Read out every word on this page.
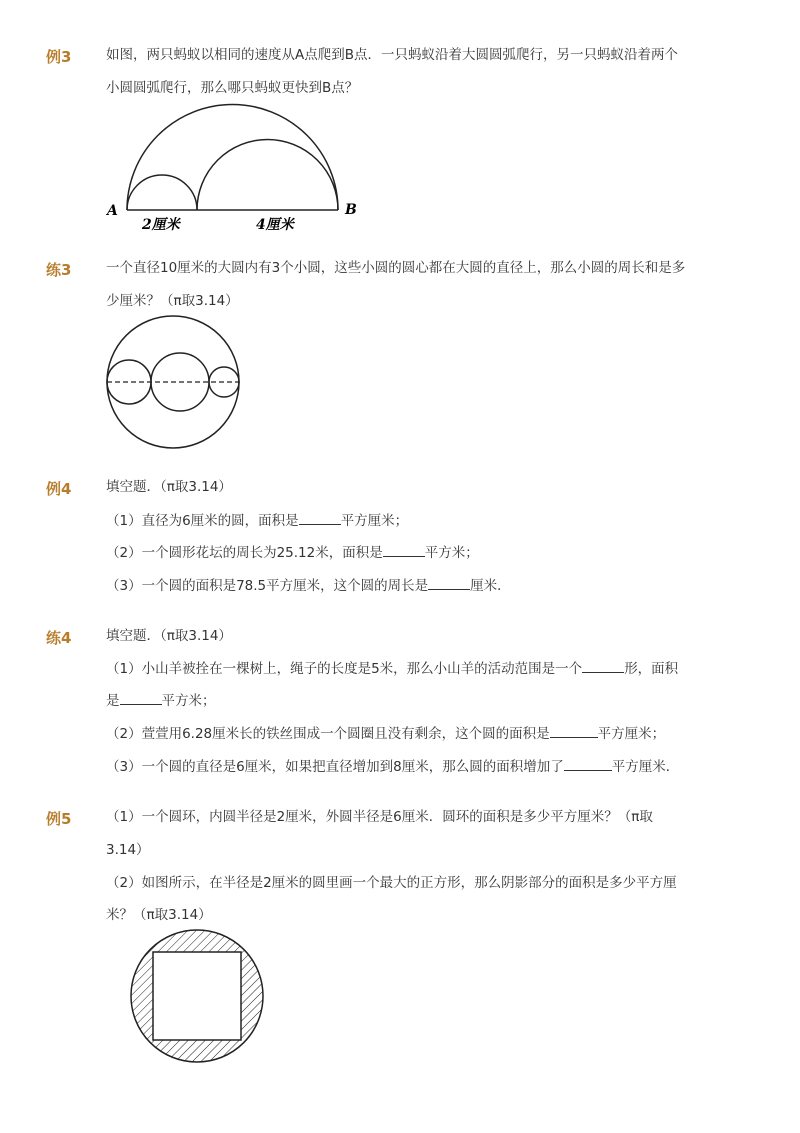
例3	如图，两只蚂蚁以相同的速度从A点爬到B点．一只蚂蚁沿着大圆圆弧爬行，另一只蚂蚁沿着两个
小圆圆弧爬行，那么哪只蚂蚁更快到B点？
A	B
2厘米	4厘米
练3	一个直径10厘米的大圆内有3个小圆，这些小圆的圆心都在大圆的直径上，那么小圆的周长和是多
少厘米？（π取3.14）
例4	填空题．（π取3.14）
（1）直径为6厘米的圆，面积是	平方厘米；
（2）一个圆形花坛的周长为25.12米，面积是	平方米；
（3）一个圆的面积是78.5平方厘米，这个圆的周长是	厘米．
练4	填空题．（π取3.14）
（1）小山羊被拴在一棵树上，绳子的长度是5米，那么小山羊的活动范围是一个	形，面积
是	平方米；
（2）萱萱用6.28厘米长的铁丝围成一个圆圈且没有剩余，这个圆的面积是	平方厘米；
（3）一个圆的直径是6厘米，如果把直径增加到8厘米，那么圆的面积增加了	平方厘米．
例5	（1）一个圆环，内圆半径是2厘米，外圆半径是6厘米．圆环的面积是多少平方厘米？（π取
3.14）
（2）如图所示，在半径是2厘米的圆里画一个最大的正方形，那么阴影部分的面积是多少平方厘
米？（π取3.14）
